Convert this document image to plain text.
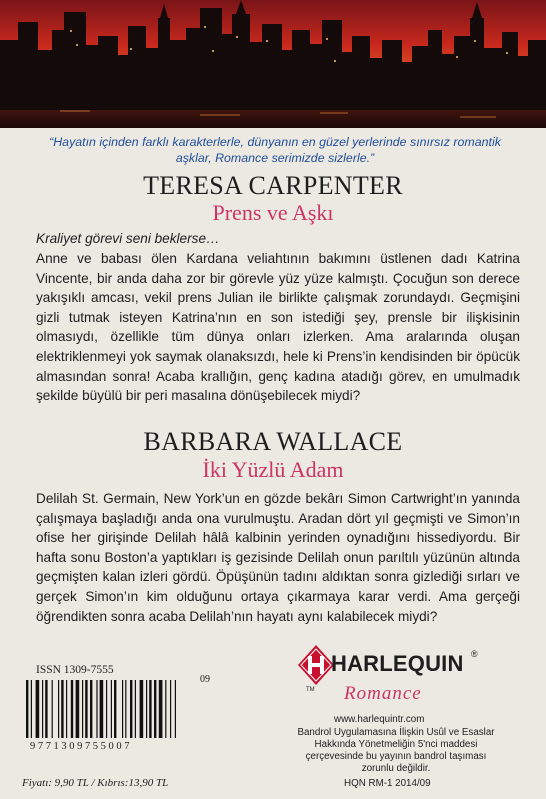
“Hayatın içinden farklı karakterlerle, dünyanın en güzel yerlerinde sınırsız romantik aşklar, Romance serimizde sizlerle.”
TERESA CARPENTER
Prens ve Aşkı
Kraliyet görevi seni beklerse…
Anne ve babası ölen Kardana veliahtının bakımını üstlenen dadı Katrina Vincente, bir anda daha zor bir görevle yüz yüze kalmıştı. Çocuğun son derece yakışıklı amcası, vekil prens Julian ile birlikte çalışmak zorundaydı. Geçmişini gizli tutmak isteyen Katrina’nın en son istediği şey, prensle bir ilişkisinin olmasıydı, özellikle tüm dünya onları izlerken. Ama aralarında oluşan elektriklenmeyi yok saymak olanaksızdı, hele ki Prens’in kendisinden bir öpücük almasından sonra! Acaba krallığın, genç kadına atadığı görev, en umulmadık şekilde büyülü bir peri masalına dönüşebilecek miydi?
BARBARA WALLACE
İki Yüzlü Adam
Delilah St. Germain, New York’un en gözde bekârı Simon Cartwright’ın yanında çalışmaya başladığı anda ona vurulmuştu. Aradan dört yıl geçmişti ve Simon’ın ofise her girişinde Delilah hâlâ kalbinin yerinden oynadığını hissediyordu. Bir hafta sonu Boston’a yaptıkları iş gezisinde Delilah onun parıltılı yüzünün altında geçmişten kalan izleri gördü. Öpüşünün tadını aldıktan sonra gizlediği sırları ve gerçek Simon’ın kim olduğunu ortaya çıkarmaya karar verdi. Ama gerçeği öğrendikten sonra acaba Delilah’nın hayatı aynı kalabilecek miydi?
ISSN 1309-7555
09
9771309755007
Fiyatı: 9,90 TL / Kıbrıs:13,90 TL
HARLEQUIN ®
TM Romance
www.harlequintr.com
Bandrol Uygulamasına İlişkin Usûl ve Esaslar Hakkında Yönetmeliğin 5'nci maddesi çerçevesinde bu yayının bandrol taşıması zorunlu değildir.
HQN RM-1 2014/09
